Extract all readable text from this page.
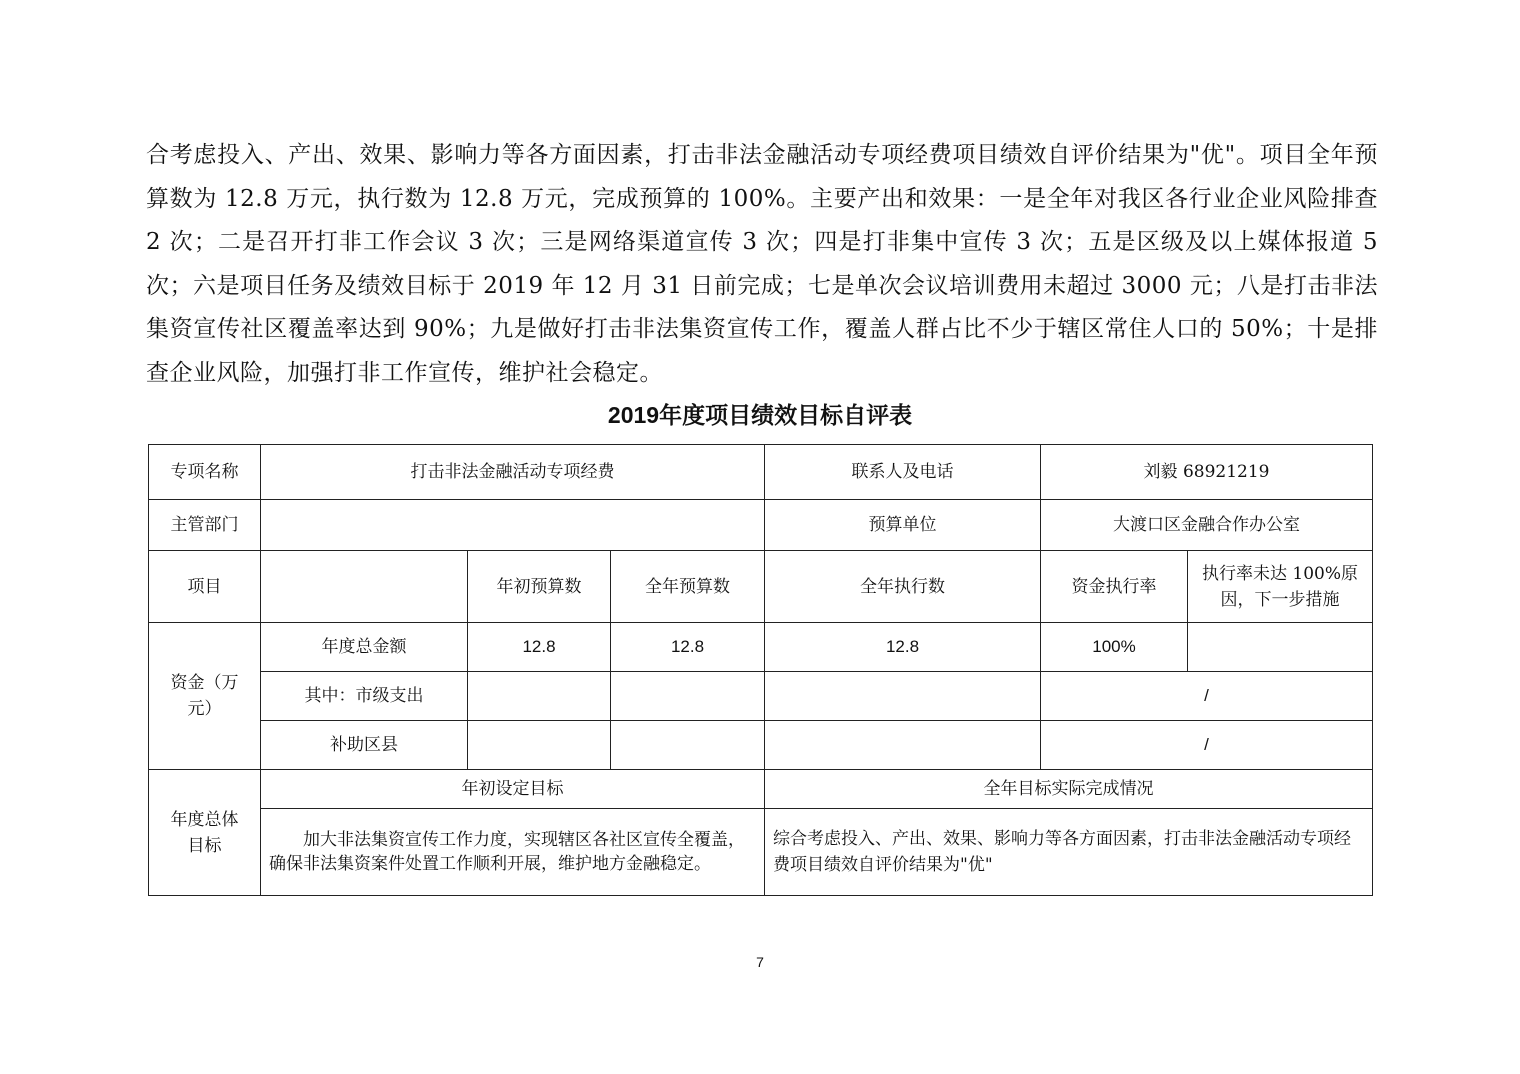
合考虑投入、产出、效果、影响力等各方面因素，打击非法金融活动专项经费项目绩效自评价结果为"优"。项目全年预算数为 12.8 万元，执行数为 12.8 万元，完成预算的 100%。主要产出和效果：一是全年对我区各行业企业风险排查 2 次；二是召开打非工作会议 3 次；三是网络渠道宣传 3 次；四是打非集中宣传 3 次；五是区级及以上媒体报道 5 次；六是项目任务及绩效目标于 2019 年 12 月 31 日前完成；七是单次会议培训费用未超过 3000 元；八是打击非法集资宣传社区覆盖率达到 90%；九是做好打击非法集资宣传工作，覆盖人群占比不少于辖区常住人口的 50%；十是排查企业风险，加强打非工作宣传，维护社会稳定。
2019年度项目绩效目标自评表
专项名称	打击非法金融活动专项经费			联系人及电话	刘毅 68921219	
主管部门				预算单位	大渡口区金融合作办公室	
项目		年初预算数	全年预算数	全年执行数	资金执行率	执行率未达 100%原因，下一步措施

资金（万元）	年度总金额	12.8	12.8	12.8	100%	
	其中：市级支出				/	
	补助区县				/	

年度总体目标	年初设定目标			全年目标实际完成情况		
	加大非法集资宣传工作力度，实现辖区各社区宣传全覆盖，确保非法集资案件处置工作顺利开展，维护地方金融稳定。			综合考虑投入、产出、效果、影响力等各方面因素，打击非法金融活动专项经费项目绩效自评价结果为"优"		
7
